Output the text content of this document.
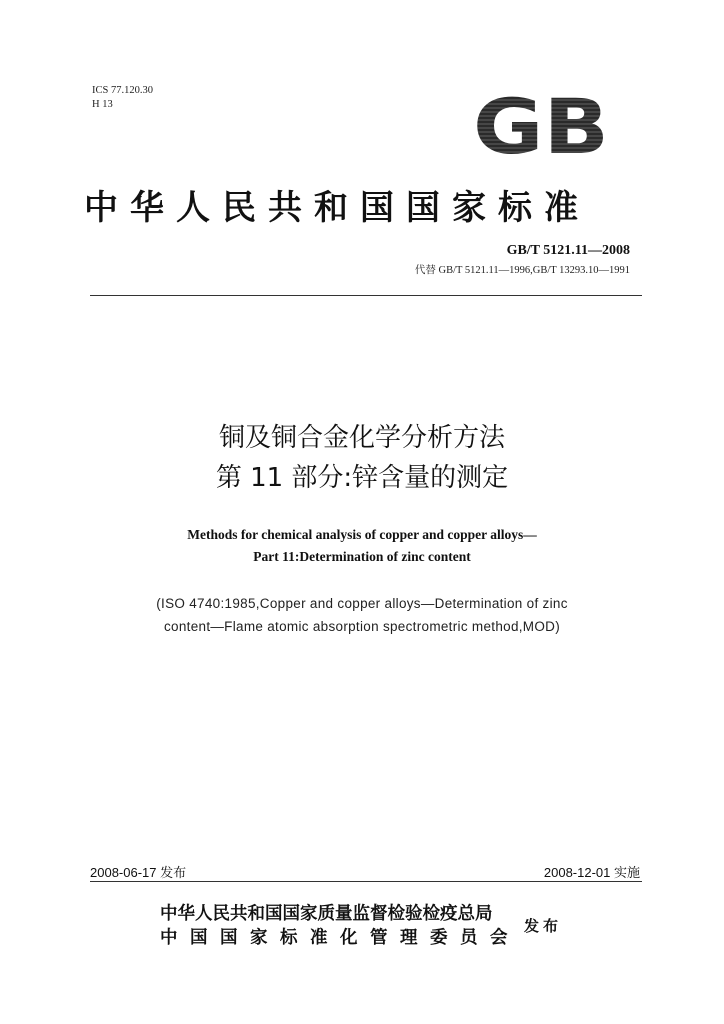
ICS 77.120.30
H 13	GB
中华人民共和国国家标准
GB/T 5121.11—2008
代替 GB/T 5121.11—1996,GB/T 13293.10—1991
铜及铜合金化学分析方法
第 11 部分:锌含量的测定
Methods for chemical analysis of copper and copper alloys—
Part 11:Determination of zinc content
(ISO 4740:1985,Copper and copper alloys—Determination of zinc
content—Flame atomic absorption spectrometric method,MOD)
2008-06-17 发布	2008-12-01 实施
中华人民共和国国家质量监督检验检疫总局
中国国家标准化管理委员会
发布
